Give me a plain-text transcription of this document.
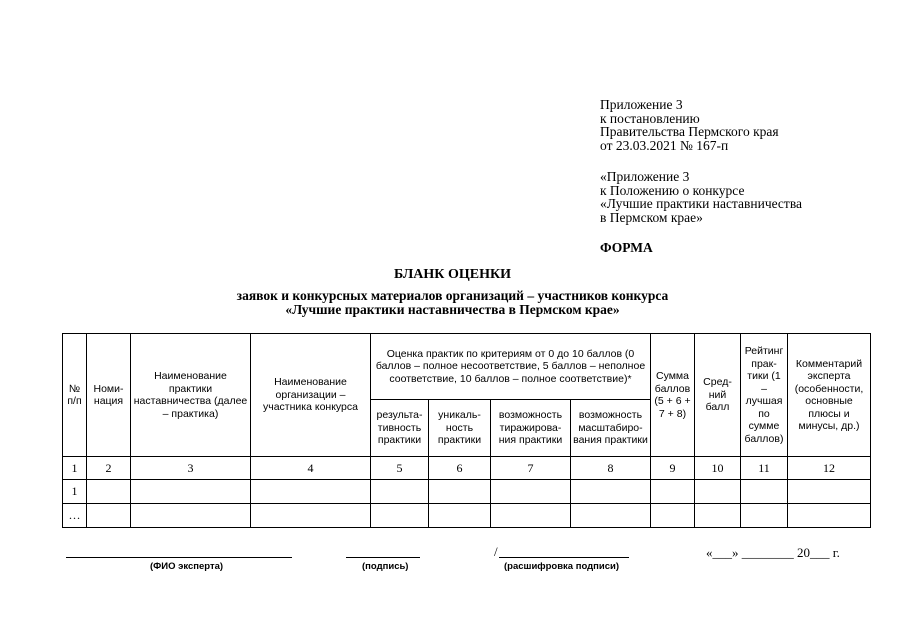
Приложение 3
к постановлению
Правительства Пермского края
от 23.03.2021 № 167-п
«Приложение 3
к Положению о конкурсе
«Лучшие практики наставничества
в Пермском крае»
ФОРМА
БЛАНК ОЦЕНКИ
заявок и конкурсных материалов организаций – участников конкурса
«Лучшие практики наставничества в Пермском крае»
№ п/п	Номи-нация	Наименование практики наставничества (далее – практика)	Наименование организации – участника конкурса	Оценка практик по критериям от 0 до 10 баллов (0 баллов – полное несоответствие, 5 баллов – неполное соответствие, 10 баллов – полное соответствие)*				Сумма баллов (5 + 6 + 7 + 8)	Сред-ний балл	Рейтинг прак-тики (1 – лучшая по сумме баллов)	Комментарий эксперта (особенности, основные плюсы и минусы, др.)
				результа-тивность практики	уникаль-ность практики	возможность тиражирова-ния практики	возможность масштабиро-вания практики				
1	2	3	4	5	6	7	8	9	10	11	12
1											
…											
(ФИО эксперта)	(подпись)
/
(расшифровка подписи)
«___» ________ 20___ г.
